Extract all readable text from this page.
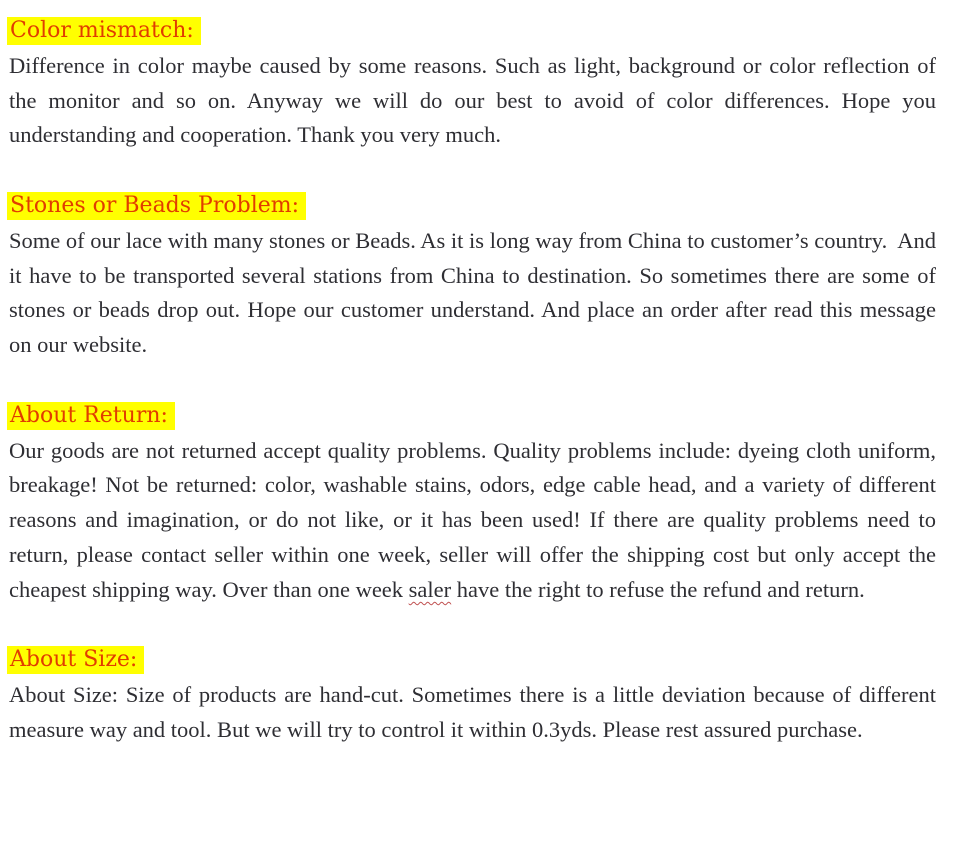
Color mismatch:

Difference in color maybe caused by some reasons. Such as light, background or color reflection of the monitor and so on. Anyway we will do our best to avoid of color differences. Hope you understanding and cooperation. Thank you very much.

Stones or Beads Problem:

Some of our lace with many stones or Beads. As it is long way from China to customer’s country.  And it have to be transported several stations from China to destination. So sometimes there are some of stones or beads drop out. Hope our customer understand. And place an order after read this message on our website.

About Return:

Our goods are not returned accept quality problems. Quality problems include: dyeing cloth uniform, breakage! Not be returned: color, washable stains, odors, edge cable head, and a variety of different reasons and imagination, or do not like, or it has been used! If there are quality problems need to return, please contact seller within one week, seller will offer the shipping cost but only accept the cheapest shipping way. Over than one week saler have the right to refuse the refund and return.

About Size:

About Size: Size of products are hand-cut. Sometimes there is a little deviation because of different measure way and tool. But we will try to control it within 0.3yds. Please rest assured purchase.
